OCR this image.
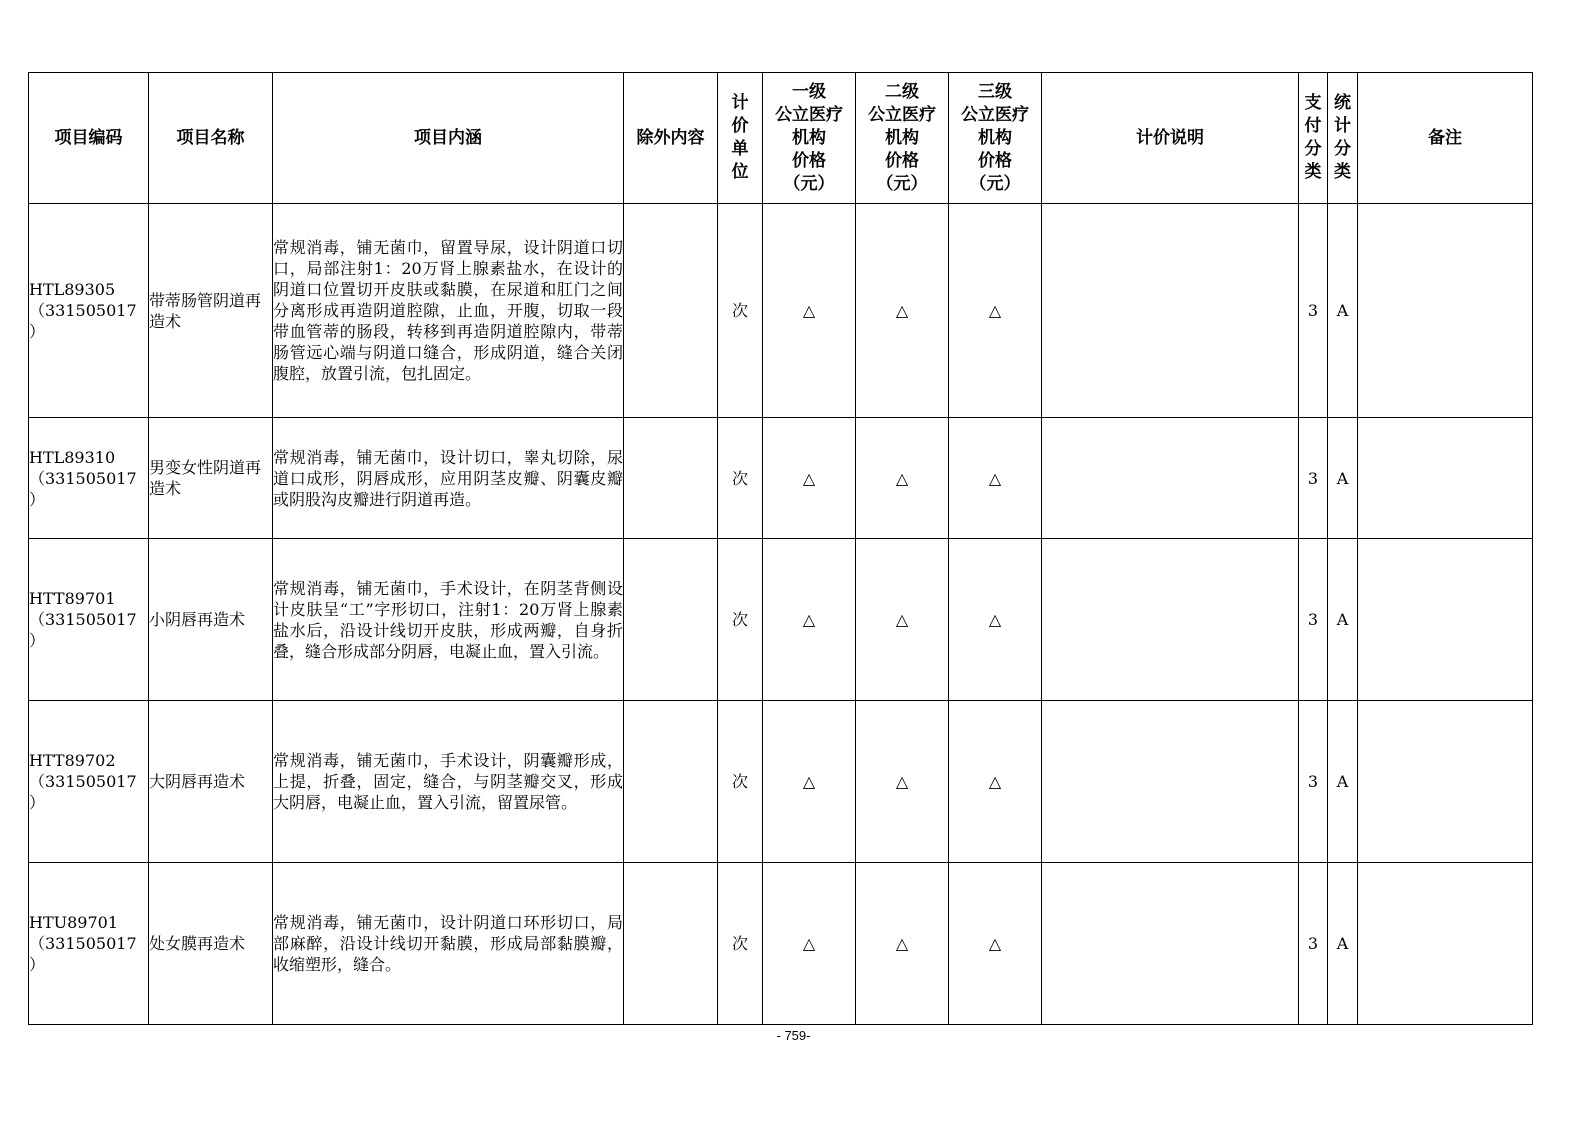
项目编码	项目名称	项目内涵	除外内容	计
价
单
位	一级
公立医疗
机构
价格
（元）	二级
公立医疗
机构
价格
（元）	三级
公立医疗
机构
价格
（元）	计价说明	支
付
分
类	统
计
分
类	备注
HTL89305
（331505017
）	带蒂肠管阴道再造术	常规消毒，铺无菌巾，留置导尿，设计阴道口切口，局部注射1：20万肾上腺素盐水，在设计的阴道口位置切开皮肤或黏膜，在尿道和肛门之间分离形成再造阴道腔隙，止血，开腹，切取一段带血管蒂的肠段，转移到再造阴道腔隙内，带蒂肠管远心端与阴道口缝合，形成阴道，缝合关闭腹腔，放置引流，包扎固定。		次	△	△	△		3	A	
HTL89310
（331505017
）	男变女性阴道再造术	常规消毒，铺无菌巾，设计切口，睾丸切除，尿道口成形，阴唇成形，应用阴茎皮瓣、阴囊皮瓣或阴股沟皮瓣进行阴道再造。		次	△	△	△		3	A	
HTT89701
（331505017
）	小阴唇再造术	常规消毒，铺无菌巾，手术设计，在阴茎背侧设计皮肤呈“工”字形切口，注射1：20万肾上腺素盐水后，沿设计线切开皮肤，形成两瓣，自身折叠，缝合形成部分阴唇，电凝止血，置入引流。		次	△	△	△		3	A	
HTT89702
（331505017
）	大阴唇再造术	常规消毒，铺无菌巾，手术设计，阴囊瓣形成，上提，折叠，固定，缝合，与阴茎瓣交叉，形成大阴唇，电凝止血，置入引流，留置尿管。		次	△	△	△		3	A	
HTU89701
（331505017
）	处女膜再造术	常规消毒，铺无菌巾，设计阴道口环形切口，局部麻醉，沿设计线切开黏膜，形成局部黏膜瓣，收缩塑形，缝合。		次	△	△	△		3	A	
- 759-
